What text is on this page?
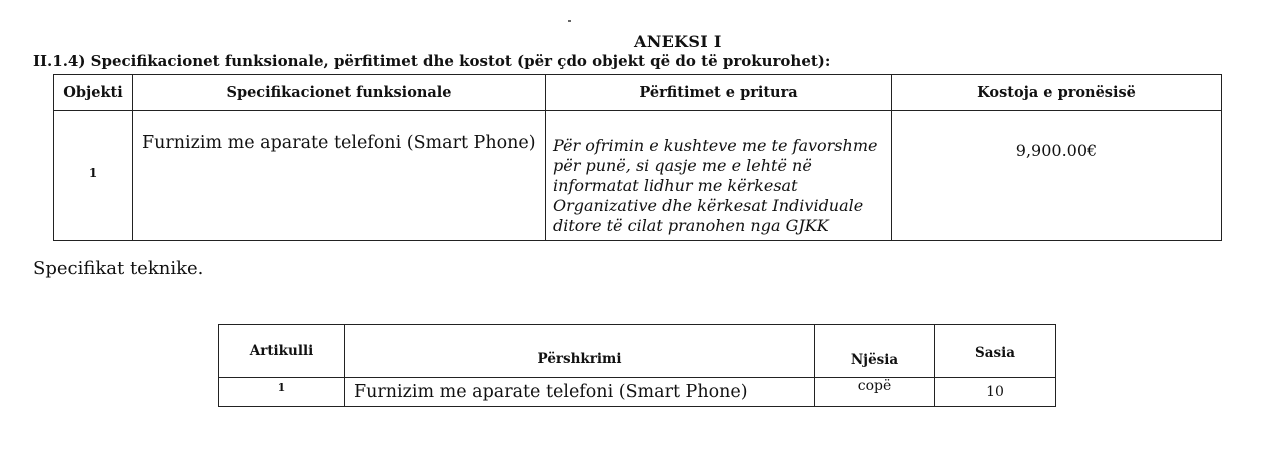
ANEKSI I
II.1.4) Specifikacionet funksionale, përfitimet dhe kostot (për çdo objekt që do të prokurohet):
Objekti	Specifikacionet funksionale	Përfitimet e pritura	Kostoja e pronësisë

1	Furnizim me aparate telefoni (Smart Phone)	Për ofrimin e kushteve me te favorshme
për punë, si qasje me e lehtë në
informatat lidhur me kërkesat
Organizative dhe kërkesat Individuale
ditore të cilat pranohen nga GJKK	9,900.00€
Specifikat teknike.
Artikulli	Përshkrimi	Njësia	Sasia

1	Furnizim me aparate telefoni (Smart Phone)	copë	10
